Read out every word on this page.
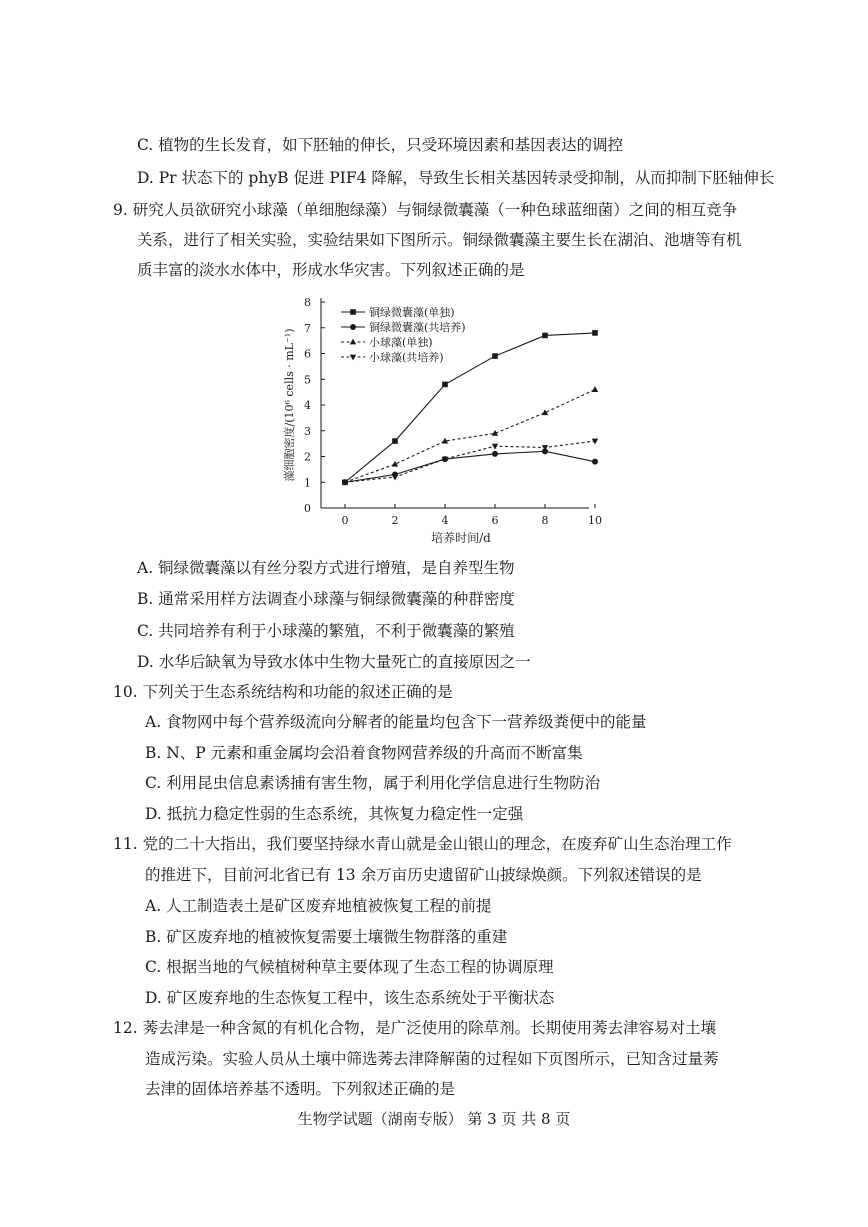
C. 植物的生长发育，如下胚轴的伸长，只受环境因素和基因表达的调控
D. Pr 状态下的 phyB 促进 PIF4 降解，导致生长相关基因转录受抑制，从而抑制下胚轴伸长
9. 研究人员欲研究小球藻（单细胞绿藻）与铜绿微囊藻（一种色球蓝细菌）之间的相互竞争
关系，进行了相关实验，实验结果如下图所示。铜绿微囊藻主要生长在湖泊、池塘等有机
质丰富的淡水水体中，形成水华灾害。下列叙述正确的是
0
1
2
3
4
5
6
7
8
0	2	4	6	8	10
培养时间/d
藻细胞密度/(10⁶ cells · mL⁻¹)
铜绿微囊藻(单独)
铜绿微囊藻(共培养)
小球藻(单独)
小球藻(共培养)
A. 铜绿微囊藻以有丝分裂方式进行增殖，是自养型生物
B. 通常采用样方法调查小球藻与铜绿微囊藻的种群密度
C. 共同培养有利于小球藻的繁殖，不利于微囊藻的繁殖
D. 水华后缺氧为导致水体中生物大量死亡的直接原因之一
10. 下列关于生态系统结构和功能的叙述正确的是
A. 食物网中每个营养级流向分解者的能量均包含下一营养级粪便中的能量
B. N、P 元素和重金属均会沿着食物网营养级的升高而不断富集
C. 利用昆虫信息素诱捕有害生物，属于利用化学信息进行生物防治
D. 抵抗力稳定性弱的生态系统，其恢复力稳定性一定强
11. 党的二十大指出，我们要坚持绿水青山就是金山银山的理念，在废弃矿山生态治理工作
的推进下，目前河北省已有 13 余万亩历史遗留矿山披绿焕颜。下列叙述错误的是
A. 人工制造表土是矿区废弃地植被恢复工程的前提
B. 矿区废弃地的植被恢复需要土壤微生物群落的重建
C. 根据当地的气候植树种草主要体现了生态工程的协调原理
D. 矿区废弃地的生态恢复工程中，该生态系统处于平衡状态
12. 莠去津是一种含氮的有机化合物，是广泛使用的除草剂。长期使用莠去津容易对土壤
造成污染。实验人员从土壤中筛选莠去津降解菌的过程如下页图所示，已知含过量莠
去津的固体培养基不透明。下列叙述正确的是
生物学试题（湖南专版） 第 3 页 共 8 页
